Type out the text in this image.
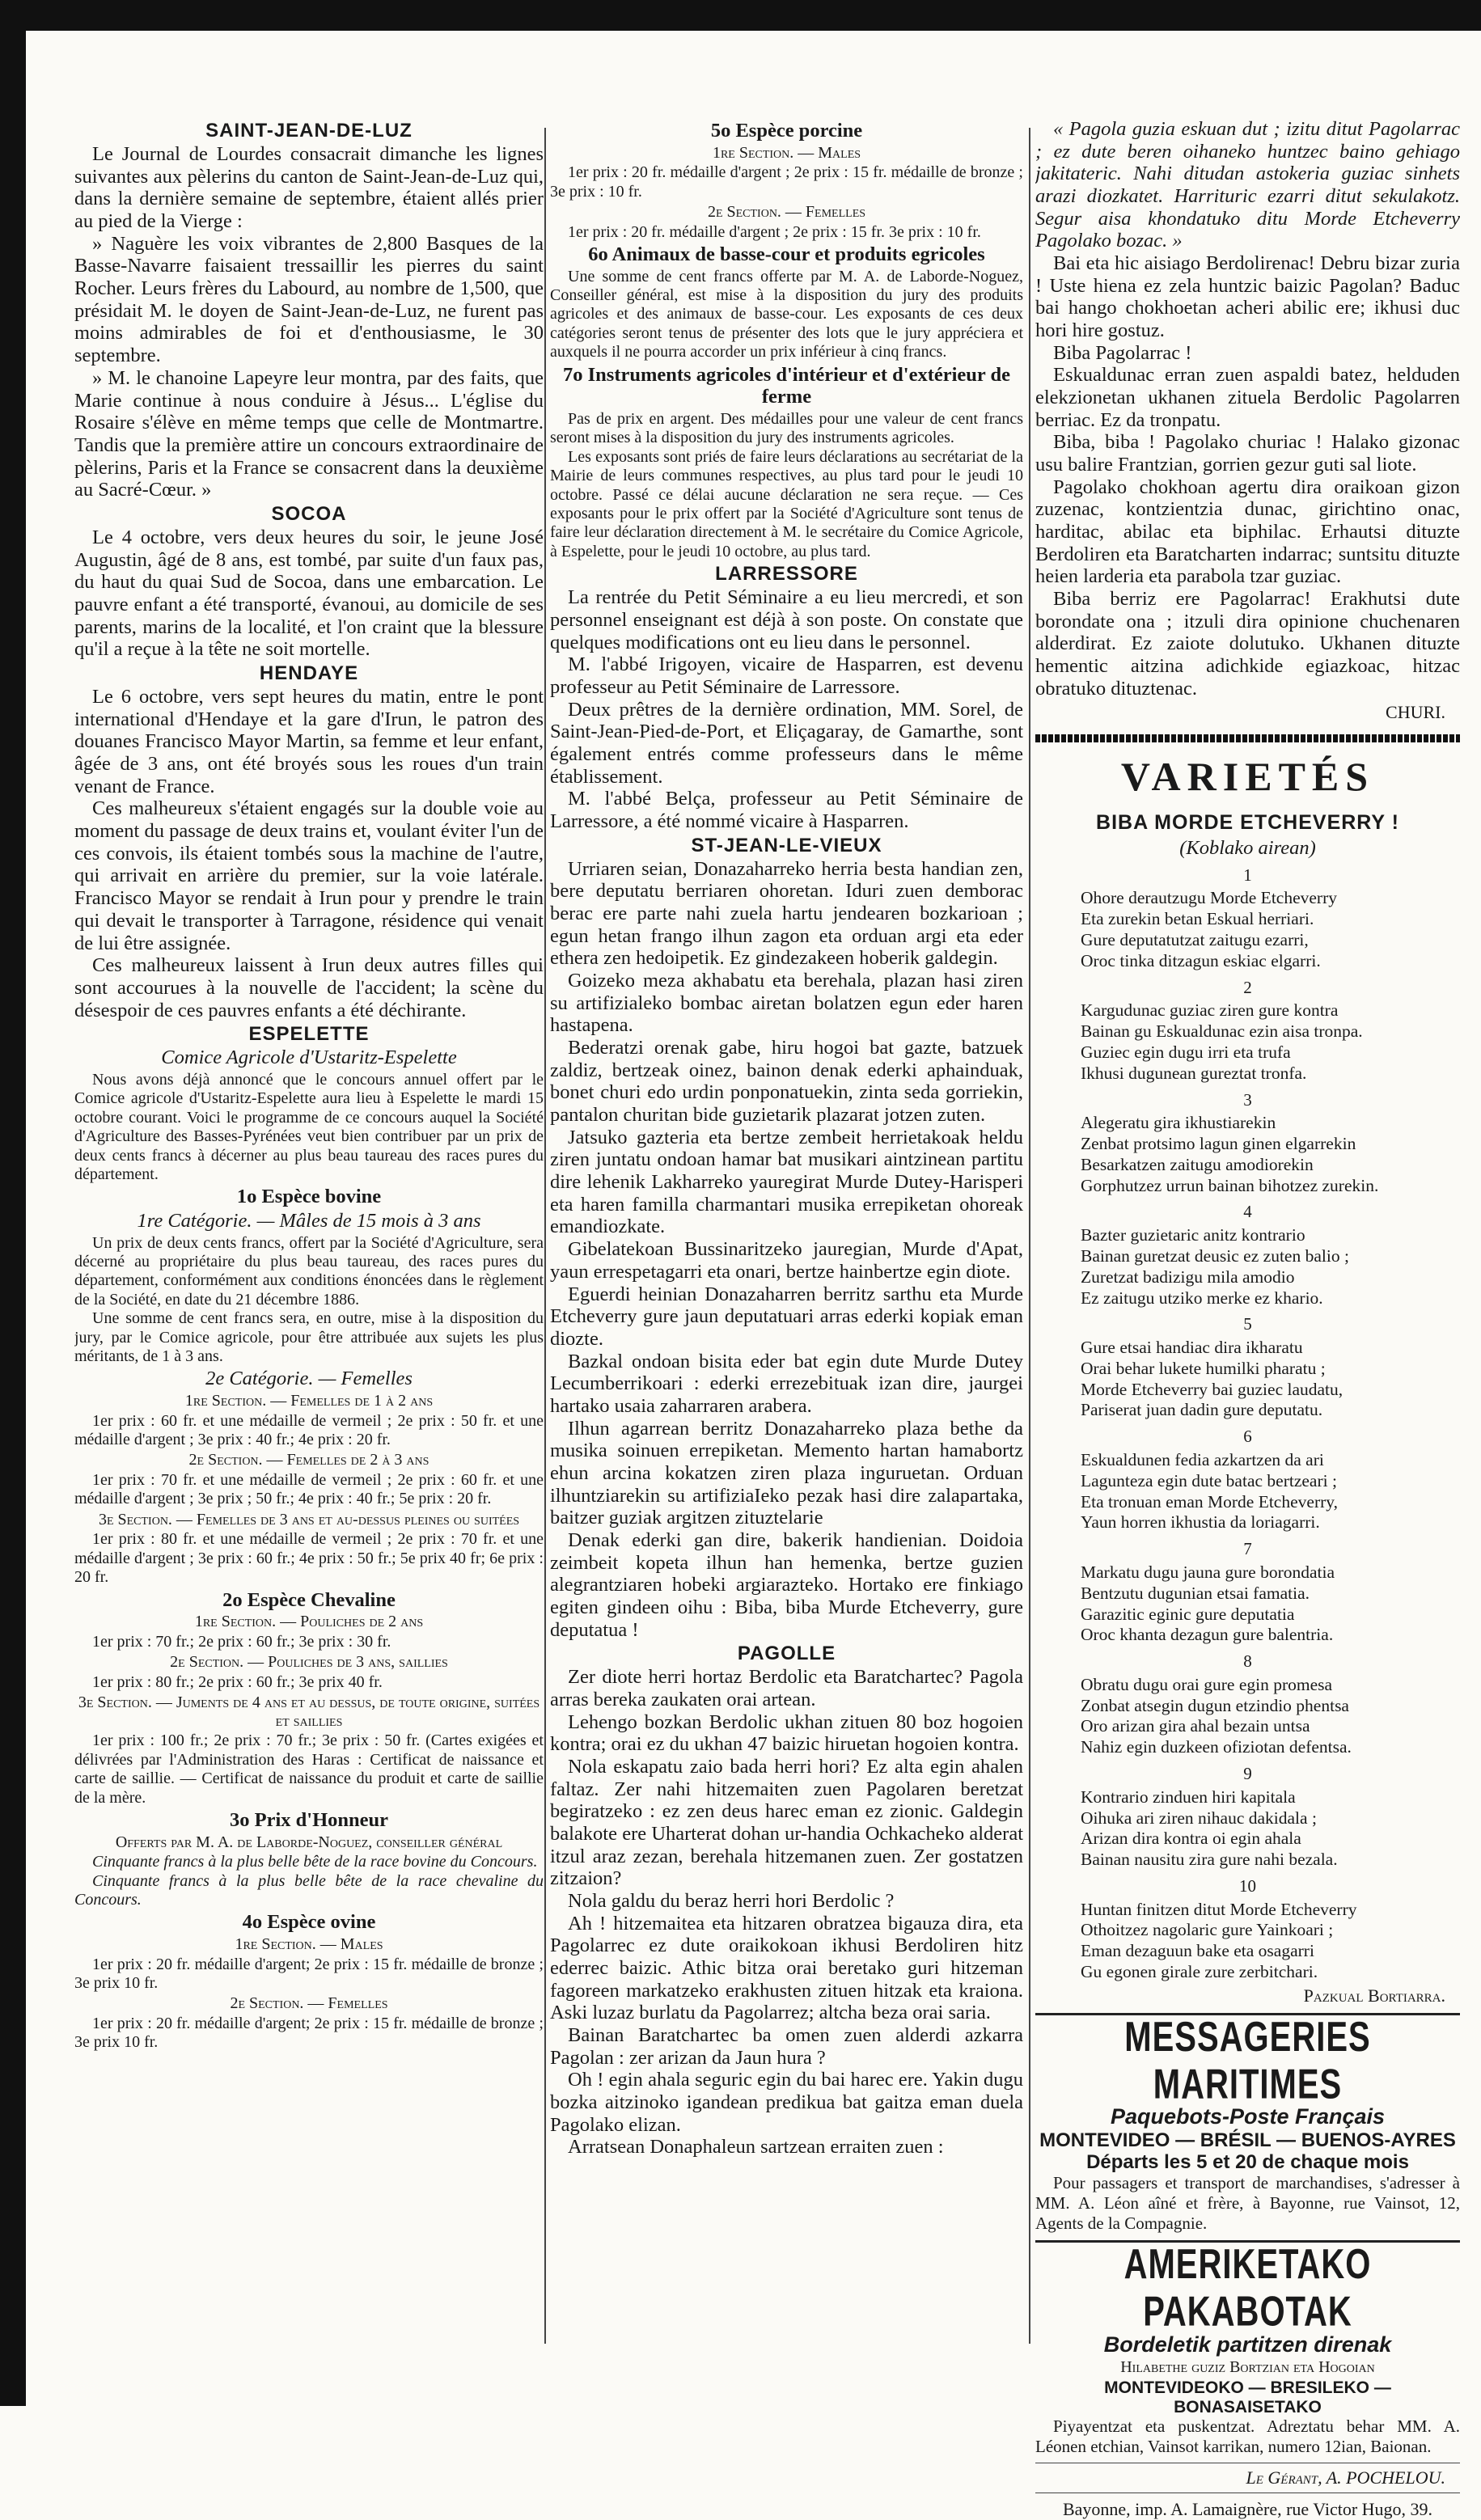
SAINT-JEAN-DE-LUZ

Le Journal de Lourdes consacrait dimanche les lignes suivantes aux pèlerins du canton de Saint-Jean-de-Luz qui, dans la dernière semaine de septembre, étaient allés prier au pied de la Vierge :

» Naguère les voix vibrantes de 2,800 Basques de la Basse-Navarre faisaient tressaillir les pierres du saint Rocher. Leurs frères du Labourd, au nombre de 1,500, que présidait M. le doyen de Saint-Jean-de-Luz, ne furent pas moins admirables de foi et d'enthousiasme, le 30 septembre.

» M. le chanoine Lapeyre leur montra, par des faits, que Marie continue à nous conduire à Jésus... L'église du Rosaire s'élève en même temps que celle de Montmartre. Tandis que la première attire un concours extraordinaire de pèlerins, Paris et la France se consacrent dans la deuxième au Sacré-Cœur. »

SOCOA

Le 4 octobre, vers deux heures du soir, le jeune José Augustin, âgé de 8 ans, est tombé, par suite d'un faux pas, du haut du quai Sud de Socoa, dans une embarcation. Le pauvre enfant a été transporté, évanoui, au domicile de ses parents, marins de la localité, et l'on craint que la blessure qu'il a reçue à la tête ne soit mortelle.

HENDAYE

Le 6 octobre, vers sept heures du matin, entre le pont international d'Hendaye et la gare d'Irun, le patron des douanes Francisco Mayor Martin, sa femme et leur enfant, âgée de 3 ans, ont été broyés sous les roues d'un train venant de France.

Ces malheureux s'étaient engagés sur la double voie au moment du passage de deux trains et, voulant éviter l'un de ces convois, ils étaient tombés sous la machine de l'autre, qui arrivait en arrière du premier, sur la voie latérale. Francisco Mayor se rendait à Irun pour y prendre le train qui devait le transporter à Tarragone, résidence qui venait de lui être assignée.

Ces malheureux laissent à Irun deux autres filles qui sont accourues à la nouvelle de l'accident; la scène du désespoir de ces pauvres enfants a été déchirante.

ESPELETTE
Comice Agricole d'Ustaritz-Espelette

Nous avons déjà annoncé que le concours annuel offert par le Comice agricole d'Ustaritz-Espelette aura lieu à Espelette le mardi 15 octobre courant. Voici le programme de ce concours auquel la Société d'Agriculture des Basses-Pyrénées veut bien contribuer par un prix de deux cents francs à décerner au plus beau taureau des races pures du département.

1o Espèce bovine
1re Catégorie. — Mâles de 15 mois à 3 ans

Un prix de deux cents francs, offert par la Société d'Agriculture, sera décerné au propriétaire du plus beau taureau, des races pures du département, conformément aux conditions énoncées dans le règlement de la Société, en date du 21 décembre 1886.

Une somme de cent francs sera, en outre, mise à la disposition du jury, par le Comice agricole, pour être attribuée aux sujets les plus méritants, de 1 à 3 ans.

2e Catégorie. — Femelles
1re Section. — Femelles de 1 à 2 ans

1er prix : 60 fr. et une médaille de vermeil ; 2e prix : 50 fr. et une médaille d'argent ; 3e prix : 40 fr.; 4e prix : 20 fr.

2e Section. — Femelles de 2 à 3 ans

1er prix : 70 fr. et une médaille de vermeil ; 2e prix : 60 fr. et une médaille d'argent ; 3e prix ; 50 fr.; 4e prix : 40 fr.; 5e prix : 20 fr.

3e Section. — Femelles de 3 ans et au-dessus pleines ou suitées

1er prix : 80 fr. et une médaille de vermeil ; 2e prix : 70 fr. et une médaille d'argent ; 3e prix : 60 fr.; 4e prix : 50 fr.; 5e prix 40 fr; 6e prix : 20 fr.

2o Espèce Chevaline
1re Section. — Pouliches de 2 ans

1er prix : 70 fr.; 2e prix : 60 fr.; 3e prix : 30 fr.

2e Section. — Pouliches de 3 ans, saillies

1er prix : 80 fr.; 2e prix : 60 fr.; 3e prix 40 fr.

3e Section. — Juments de 4 ans et au dessus, de toute origine, suitées et saillies

1er prix : 100 fr.; 2e prix : 70 fr.; 3e prix : 50 fr. (Cartes exigées et délivrées par l'Administration des Haras : Certificat de naissance et carte de saillie. — Certificat de naissance du produit et carte de saillie de la mère.

3o Prix d'Honneur
Offerts par M. A. de Laborde-Noguez, conseiller général

Cinquante francs à la plus belle bête de la race bovine du Concours.

Cinquante francs à la plus belle bête de la race chevaline du Concours.

4o Espèce ovine
1re Section. — Males

1er prix : 20 fr. médaille d'argent; 2e prix : 15 fr. médaille de bronze ; 3e prix 10 fr.

2e Section. — Femelles

1er prix : 20 fr. médaille d'argent; 2e prix : 15 fr. médaille de bronze ; 3e prix 10 fr.

5o Espèce porcine
1re Section. — Males

1er prix : 20 fr. médaille d'argent ; 2e prix : 15 fr. médaille de bronze ; 3e prix : 10 fr.

2e Section. — Femelles

1er prix : 20 fr. médaille d'argent ; 2e prix : 15 fr. 3e prix : 10 fr.

6o Animaux de basse-cour et produits egricoles

Une somme de cent francs offerte par M. A. de Laborde-Noguez, Conseiller général, est mise à la disposition du jury des produits agricoles et des animaux de basse-cour. Les exposants de ces deux catégories seront tenus de présenter des lots que le jury appréciera et auxquels il ne pourra accorder un prix inférieur à cinq francs.

7o Instruments agricoles d'intérieur et d'extérieur de ferme

Pas de prix en argent. Des médailles pour une valeur de cent francs seront mises à la disposition du jury des instruments agricoles.

Les exposants sont priés de faire leurs déclarations au secrétariat de la Mairie de leurs communes respectives, au plus tard pour le jeudi 10 octobre. Passé ce délai aucune déclaration ne sera reçue. — Ces exposants pour le prix offert par la Société d'Agriculture sont tenus de faire leur déclaration directement à M. le secrétaire du Comice Agricole, à Espelette, pour le jeudi 10 octobre, au plus tard.

LARRESSORE

La rentrée du Petit Séminaire a eu lieu mercredi, et son personnel enseignant est déjà à son poste. On constate que quelques modifications ont eu lieu dans le personnel.

M. l'abbé Irigoyen, vicaire de Hasparren, est devenu professeur au Petit Séminaire de Larressore.

Deux prêtres de la dernière ordination, MM. Sorel, de Saint-Jean-Pied-de-Port, et Eliçagaray, de Gamarthe, sont également entrés comme professeurs dans le même établissement.

M. l'abbé Belça, professeur au Petit Séminaire de Larressore, a été nommé vicaire à Hasparren.

ST-JEAN-LE-VIEUX

Urriaren seian, Donazaharreko herria besta handian zen, bere deputatu berriaren ohoretan. Iduri zuen demborac berac ere parte nahi zuela hartu jendearen bozkarioan ; egun hetan frango ilhun zagon eta orduan argi eta eder ethera zen hedoipetik. Ez gindezakeen hoberik galdegin.

Goizeko meza akhabatu eta berehala, plazan hasi ziren su artifizialeko bombac airetan bolatzen egun eder haren hastapena.

Bederatzi orenak gabe, hiru hogoi bat gazte, batzuek zaldiz, bertzeak oinez, bainon denak ederki aphainduak, bonet churi edo urdin ponponatuekin, zinta seda gorriekin, pantalon churitan bide guzietarik plazarat jotzen zuten.

Jatsuko gazteria eta bertze zembeit herrietakoak heldu ziren juntatu ondoan hamar bat musikari aintzinean partitu dire lehenik Lakharreko yauregirat Murde Dutey-Harisperi eta haren familla charmantari musika errepiketan ohoreak emandiozkate.

Gibelatekoan Bussinaritzeko jauregian, Murde d'Apat, yaun errespetagarri eta onari, bertze hainbertze egin diote.

Eguerdi heinian Donazaharren berritz sarthu eta Murde Etcheverry gure jaun deputatuari arras ederki kopiak eman diozte.

Bazkal ondoan bisita eder bat egin dute Murde Dutey Lecumberrikoari : ederki errezebituak izan dire, jaurgei hartako usaia zaharraren arabera.

Ilhun agarrean berritz Donazaharreko plaza bethe da musika soinuen errepiketan. Memento hartan hamabortz ehun arcina kokatzen ziren plaza inguruetan. Orduan ilhuntziarekin su artifiziaIeko pezak hasi dire zalapartaka, baitzer guziak argitzen zituztelarie

Denak ederki gan dire, bakerik handienian. Doidoia zeimbeit kopeta ilhun han hemenka, bertze guzien alegrantziaren hobeki argiarazteko. Hortako ere finkiago egiten gindeen oihu : Biba, biba Murde Etcheverry, gure deputatua !

PAGOLLE

Zer diote herri hortaz Berdolic eta Baratchartec? Pagola arras bereka zaukaten orai artean.

Lehengo bozkan Berdolic ukhan zituen 80 boz hogoien kontra; orai ez du ukhan 47 baizic hiruetan hogoien kontra.

Nola eskapatu zaio bada herri hori? Ez alta egin ahalen faltaz. Zer nahi hitzemaiten zuen Pagolaren beretzat begiratzeko : ez zen deus harec eman ez zionic. Galdegin balakote ere Uharterat dohan ur-handia Ochkacheko alderat itzul araz zezan, berehala hitzemanen zuen. Zer gostatzen zitzaion?

Nola galdu du beraz herri hori Berdolic ?

Ah ! hitzemaitea eta hitzaren obratzea bigauza dira, eta Pagolarrec ez dute oraikokoan ikhusi Berdoliren hitz ederrec baizic. Athic bitza orai beretako guri hitzeman fagoreen markatzeko erakhusten zituen hitzak eta kraiona. Aski luzaz burlatu da Pagolarrez; altcha beza orai saria.

Bainan Baratchartec ba omen zuen alderdi azkarra Pagolan : zer arizan da Jaun hura ?

Oh ! egin ahala seguric egin du bai harec ere. Yakin dugu bozka aitzinoko igandean predikua bat gaitza eman duela Pagolako elizan.

Arratsean Donaphaleun sartzean erraiten zuen :

« Pagola guzia eskuan dut ; izitu ditut Pagolarrac ; ez dute beren oihaneko huntzec baino gehiago jakitateric. Nahi ditudan astokeria guziac sinhets arazi diozkatet. Harrituric ezarri ditut sekulakotz. Segur aisa khondatuko ditu Morde Etcheverry Pagolako bozac. »

Bai eta hic aisiago Berdolirenac! Debru bizar zuria ! Uste hiena ez zela huntzic baizic Pagolan? Baduc bai hango chokhoetan acheri abilic ere; ikhusi duc hori hire gostuz.

Biba Pagolarrac !

Eskualdunac erran zuen aspaldi batez, helduden elekzionetan ukhanen zituela Berdolic Pagolarren berriac. Ez da tronpatu.

Biba, biba ! Pagolako churiac ! Halako gizonac usu balire Frantzian, gorrien gezur guti sal liote.

Pagolako chokhoan agertu dira oraikoan gizon zuzenac, kontzientzia dunac, girichtino onac, harditac, abilac eta biphilac. Erhautsi dituzte Berdoliren eta Baratcharten indarrac; suntsitu dituzte heien larderia eta parabola tzar guziac.

Biba berriz ere Pagolarrac! Erakhutsi dute borondate ona ; itzuli dira opinione chuchenaren alderdirat. Ez zaiote dolutuko. Ukhanen dituzte hementic aitzina adichkide egiazkoac, hitzac obratuko dituztenac.

CHURI.
VARIETÉS
BIBA MORDE ETCHEVERRY !
(Koblako airean)
1
Ohore derautzugu Morde Etcheverry
Eta zurekin betan Eskual herriari.
Gure deputatutzat zaitugu ezarri,
Oroc tinka ditzagun eskiac elgarri.
2
Kargudunac guziac ziren gure kontra
Bainan gu Eskualdunac ezin aisa tronpa.
Guziec egin dugu irri eta trufa
Ikhusi dugunean gureztat tronfa.
3
Alegeratu gira ikhustiarekin
Zenbat protsimo lagun ginen elgarrekin
Besarkatzen zaitugu amodiorekin
Gorphutzez urrun bainan bihotzez zurekin.
4
Bazter guzietaric anitz kontrario
Bainan guretzat deusic ez zuten balio ;
Zuretzat badizigu mila amodio
Ez zaitugu utziko merke ez khario.
5
Gure etsai handiac dira ikharatu
Orai behar lukete humilki pharatu ;
Morde Etcheverry bai guziec laudatu,
Pariserat juan dadin gure deputatu.
6
Eskualdunen fedia azkartzen da ari
Lagunteza egin dute batac bertzeari ;
Eta tronuan eman Morde Etcheverry,
Yaun horren ikhustia da loriagarri.
7
Markatu dugu jauna gure borondatia
Bentzutu dugunian etsai famatia.
Garazitic eginic gure deputatia
Oroc khanta dezagun gure balentria.
8
Obratu dugu orai gure egin promesa
Zonbat atsegin dugun etzindio phentsa
Oro arizan gira ahal bezain untsa
Nahiz egin duzkeen ofiziotan defentsa.
9
Kontrario zinduen hiri kapitala
Oihuka ari ziren nihauc dakidala ;
Arizan dira kontra oi egin ahala
Bainan nausitu zira gure nahi bezala.
10
Huntan finitzen ditut Morde Etcheverry
Othoitzez nagolaric gure Yainkoari ;
Eman dezaguun bake eta osagarri
Gu egonen girale zure zerbitchari.
Pazkual Bortiarra.
MESSAGERIES MARITIMES
Paquebots-Poste Français
MONTEVIDEO — BRÉSIL — BUENOS-AYRES
Départs les 5 et 20 de chaque mois

Pour passagers et transport de marchandises, s'adresser à MM. A. Léon aîné et frère, à Bayonne, rue Vainsot, 12, Agents de la Compagnie.

AMERIKETAKO PAKABOTAK
Bordeletik partitzen direnak
Hilabethe guziz Bortzian eta Hogoian
MONTEVIDEOKO — BRESILEKO — BONASAISETAKO

Piyayentzat eta puskentzat. Adreztatu behar MM. A. Léonen etchian, Vainsot karrikan, numero 12ian, Baionan.

Le Gérant, A. POCHELOU.
Bayonne, imp. A. Lamaignère, rue Victor Hugo, 39.
